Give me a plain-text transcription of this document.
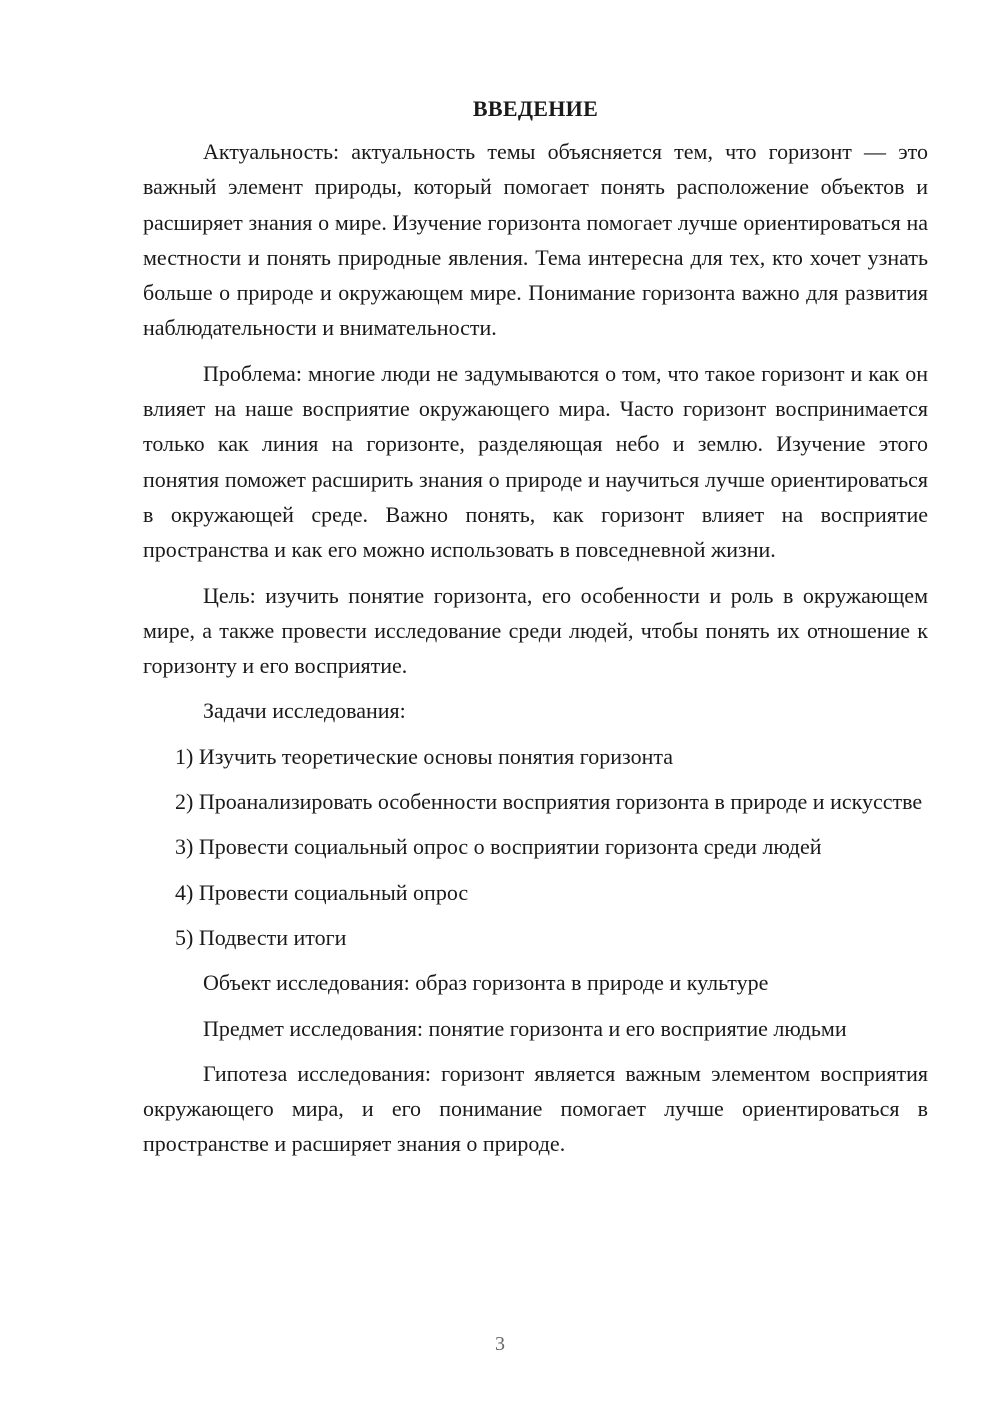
ВВЕДЕНИЕ

Актуальность: актуальность темы объясняется тем, что горизонт — это важный элемент природы, который помогает понять расположение объектов и расширяет знания о мире. Изучение горизонта помогает лучше ориентироваться на местности и понять природные явления. Тема интересна для тех, кто хочет узнать больше о природе и окружающем мире. Понимание горизонта важно для развития наблюдательности и внимательности.

Проблема: многие люди не задумываются о том, что такое горизонт и как он влияет на наше восприятие окружающего мира. Часто горизонт воспринимается только как линия на горизонте, разделяющая небо и землю. Изучение этого понятия поможет расширить знания о природе и научиться лучше ориентироваться в окружающей среде. Важно понять, как горизонт влияет на восприятие пространства и как его можно использовать в повседневной жизни.

Цель: изучить понятие горизонта, его особенности и роль в окружающем мире, а также провести исследование среди людей, чтобы понять их отношение к горизонту и его восприятие.

Задачи исследования:

1) Изучить теоретические основы понятия горизонта

2) Проанализировать особенности восприятия горизонта в природе и искусстве

3) Провести социальный опрос о восприятии горизонта среди людей

4) Провести социальный опрос

5) Подвести итоги

Объект исследования: образ горизонта в природе и культуре

Предмет исследования: понятие горизонта и его восприятие людьми

Гипотеза исследования: горизонт является важным элементом восприятия окружающего мира, и его понимание помогает лучше ориентироваться в пространстве и расширяет знания о природе.

3
